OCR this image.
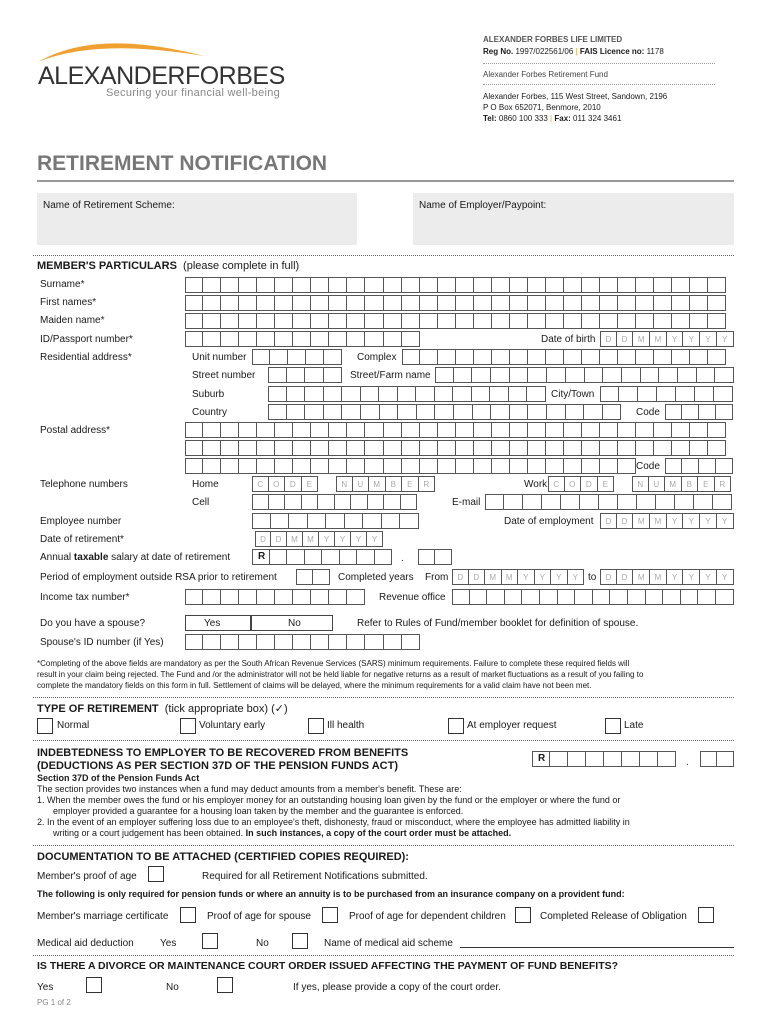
ALEXANDERFORBES
Securing your financial well-being
ALEXANDER FORBES LIFE LIMITED
Reg No. 1997/022561/06 | FAIS Licence no: 1178
Alexander Forbes Retirement Fund
Alexander Forbes, 115 West Street, Sandown, 2196
P O Box 652071, Benmore, 2010
Tel: 0860 100 333 | Fax: 011 324 3461
RETIREMENT NOTIFICATION
Name of Retirement Scheme:	Name of Employer/Paypoint:
MEMBER'S PARTICULARS (please complete in full)
Surname*
First names*
Maiden name*
ID/Passport number*	Date of birth	D	D	M	M	Y	Y	Y	Y
Residential address*	Unit number	Complex
Street number	Street/Farm name
Suburb	City/Town
Country	Code
Postal address*
Code
Telephone numbers	Home	C	O	D	E	N	U	M	B	E	R	Work C	O	D	E	N	U	M	B	E	R
Cell	E-mail
Employee number	Date of employment	D	D	M	M	Y	Y	Y	Y
Date of retirement*	D	D	M	M	Y	Y	Y	Y
Annual taxable salary at date of retirement	R	.
Period of employment outside RSA prior to retirement	Completed years From	D	D	M	M	Y	Y	Y	Y	to	D	D	M	M	Y	Y	Y	Y
Income tax number*	Revenue office
Do you have a spouse?	Yes	No	Refer to Rules of Fund/member booklet for definition of spouse.
Spouse's ID number (if Yes)
*Completing of the above fields are mandatory as per the South African Revenue Services (SARS) minimum requirements. Failure to complete these required fields will
result in your claim being rejected. The Fund and /or the administrator will not be held liable for negative returns as a result of market fluctuations as a result of you failing to
complete the mandatory fields on this form in full. Settlement of claims will be delayed, where the minimum requirements for a valid claim have not been met.
TYPE OF RETIREMENT (tick appropriate box) (✓)
Normal	Voluntary early	Ill health	At employer request	Late
INDEBTEDNESS TO EMPLOYER TO BE RECOVERED FROM BENEFITS
(DEDUCTIONS AS PER SECTION 37D OF THE PENSION FUNDS ACT)
R	.
Section 37D of the Pension Funds Act
The section provides two instances when a fund may deduct amounts from a member's benefit. These are:
1. When the member owes the fund or his employer money for an outstanding housing loan given by the fund or the employer or where the fund or
employer provided a guarantee for a housing loan taken by the member and the guarantee is enforced.
2. In the event of an employer suffering loss due to an employee's theft, dishonesty, fraud or misconduct, where the employee has admitted liability in
writing or a court judgement has been obtained. In such instances, a copy of the court order must be attached.
DOCUMENTATION TO BE ATTACHED (CERTIFIED COPIES REQUIRED):
Member's proof of age	Required for all Retirement Notifications submitted.
The following is only required for pension funds or where an annuity is to be purchased from an insurance company on a provident fund:
Member's marriage certificate	Proof of age for spouse	Proof of age for dependent children	Completed Release of Obligation
Medical aid deduction	Yes	No	Name of medical aid scheme
IS THERE A DIVORCE OR MAINTENANCE COURT ORDER ISSUED AFFECTING THE PAYMENT OF FUND BENEFITS?
Yes	No	If yes, please provide a copy of the court order.
PG 1 of 2
